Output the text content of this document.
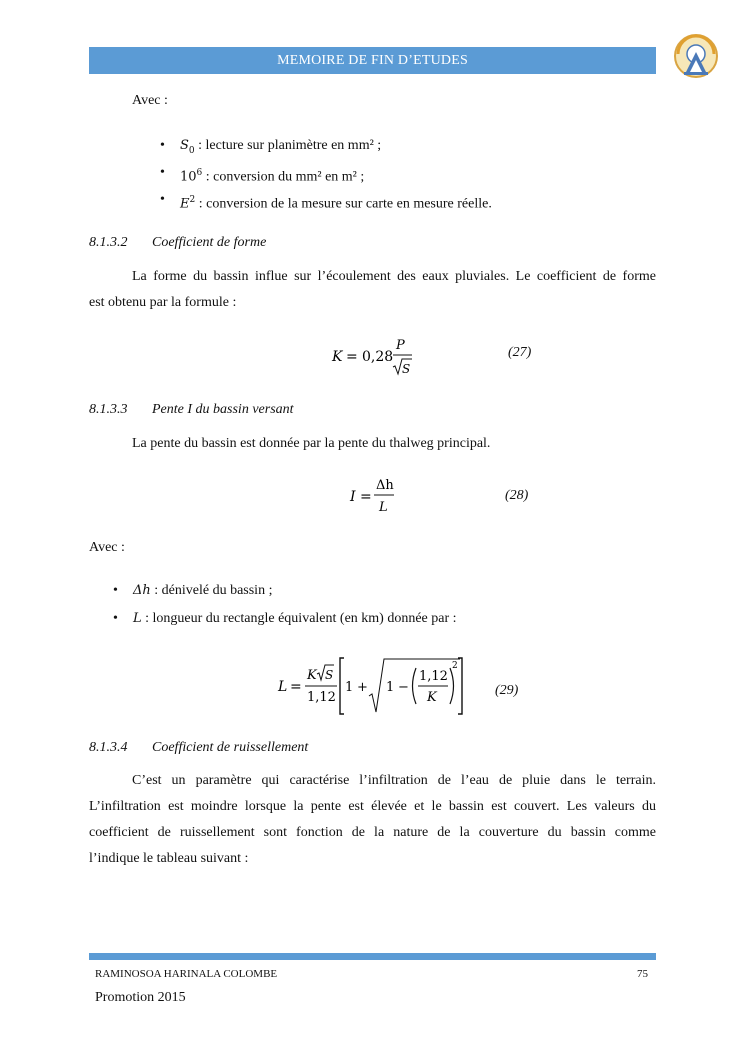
MEMOIRE DE FIN D’ETUDES
Avec :
• $S_0$ : lecture sur planimètre en mm² ;
• $10^6$ : conversion du mm² en m² ;
• $E^2$ : conversion de la mesure sur carte en mesure réelle.
8.1.3.2 Coefficient de forme
La forme du bassin influe sur l’écoulement des eaux pluviales. Le coefficient de forme
est obtenu par la formule :
K = 0,28
P
S
(27)
8.1.3.3 Pente I du bassin versant
La pente du bassin est donnée par la pente du thalweg principal.
I =
Δh
L
(28)
Avec :
• Δh : dénivelé du bassin ;
• L : longueur du rectangle équivalent (en km) donnée par :
L =
K S
1,12
1 + 1 −
1,12
K
2
(29)
8.1.3.4 Coefficient de ruissellement
C’est un paramètre qui caractérise l’infiltration de l’eau de pluie dans le terrain.
L’infiltration est moindre lorsque la pente est élevée et le bassin est couvert. Les valeurs du
coefficient de ruissellement sont fonction de la nature de la couverture du bassin comme
l’indique le tableau suivant :
RAMINOSOA HARINALA COLOMBE	75
Promotion 2015
